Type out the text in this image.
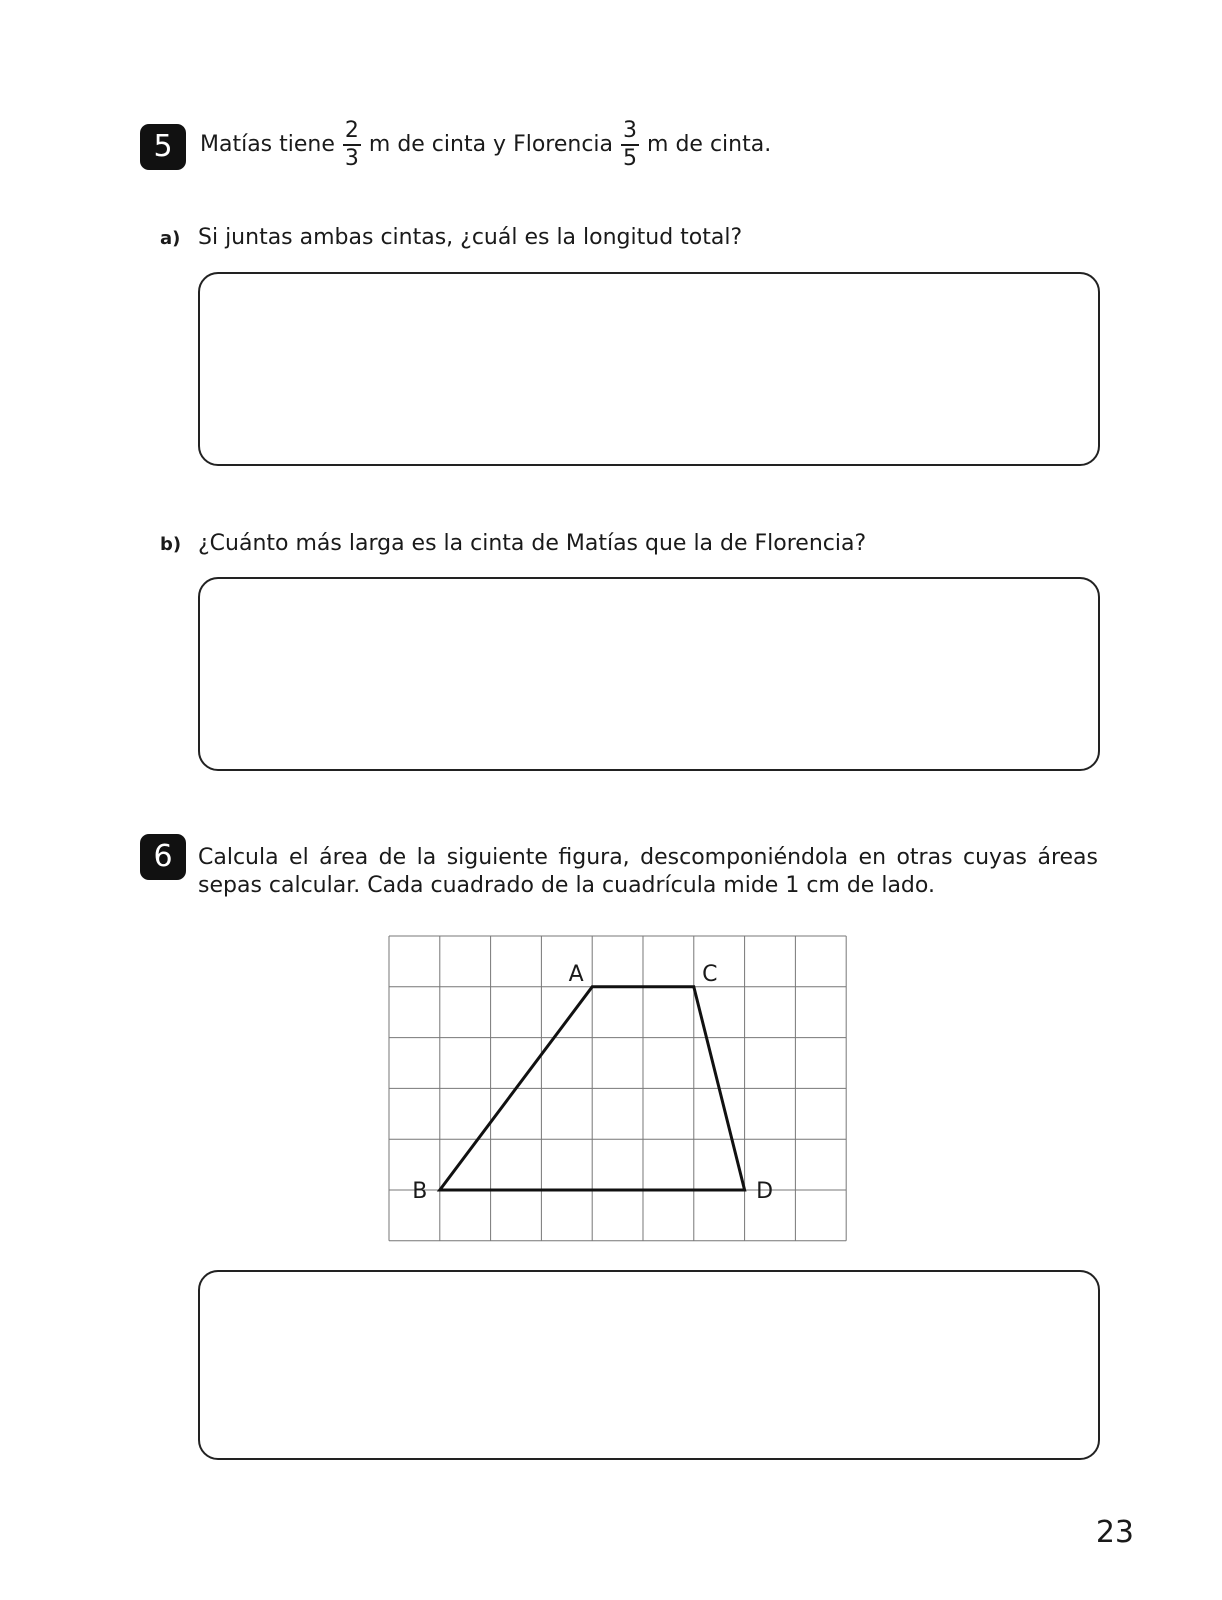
5	Matías tiene $\frac{2}{3}$ m de cinta y Florencia $\frac{3}{5}$ m de cinta.
a) Si juntas ambas cintas, ¿cuál es la longitud total?
b) ¿Cuánto más larga es la cinta de Matías que la de Florencia?
6	Calcula el área de la siguiente figura, descomponiéndola en otras cuyas áreas sepas calcular. Cada cuadrado de la cuadrícula mide 1 cm de lado.
A	C
D
B
23
